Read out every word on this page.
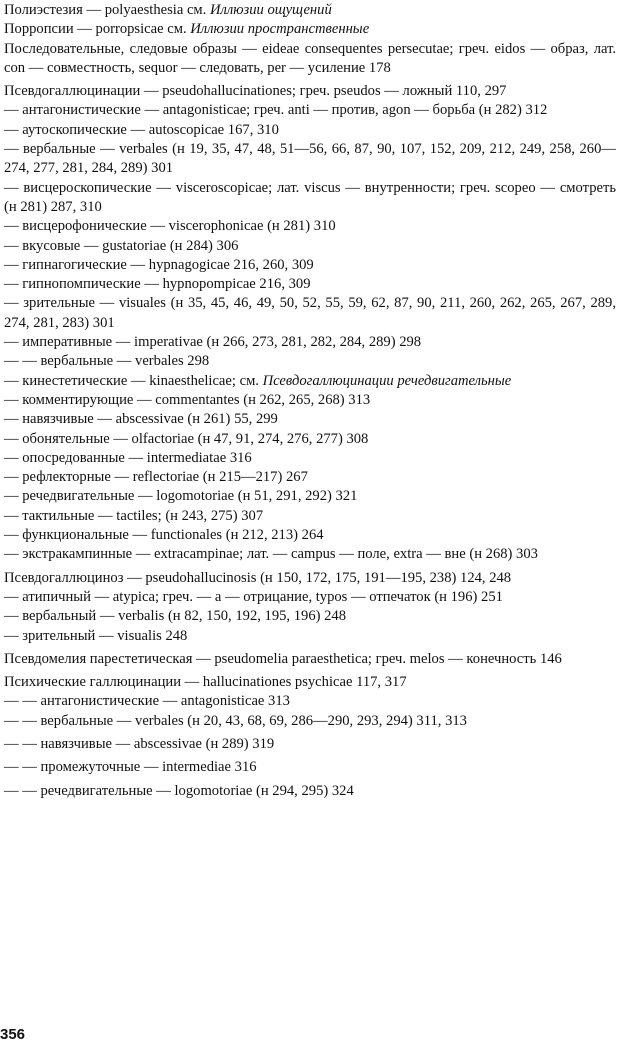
Полиэстезия — polyaesthesia см. Иллюзии ощущений

Порропсии — porropsicae см. Иллюзии пространственные

Последовательные, следовые образы — eideae consequentes persecutae; греч. eidos — образ, лат. con — совместность, sequor — следовать, per — усиление 178

Псевдогаллюцинации — pseudohallucinationes; греч. pseudos — ложный 110, 297

— антагонистические — antagonisticae; греч. anti — против, agon — борьба (н 282) 312

— аутоскопические — autoscopicae 167, 310

— вербальные — verbales (н 19, 35, 47, 48, 51—56, 66, 87, 90, 107, 152, 209, 212, 249, 258, 260—274, 277, 281, 284, 289) 301

— висцероскопические — visceroscopicae; лат. viscus — внутренности; греч. scopeo — смотреть (н 281) 287, 310

— висцерофонические — viscerophonicae (н 281) 310

— вкусовые — gustatoriae (н 284) 306

— гипнагогические — hypnagogicae 216, 260, 309

— гипнопомпические — hypnopompicae 216, 309

— зрительные — visuales (н 35, 45, 46, 49, 50, 52, 55, 59, 62, 87, 90, 211, 260, 262, 265, 267, 289, 274, 281, 283) 301

— императивные — imperativae (н 266, 273, 281, 282, 284, 289) 298

— — вербальные — verbales 298

— кинестетические — kinaesthelicae; см. Псевдогаллюцинации речедвигательные

— комментирующие — commentantes (н 262, 265, 268) 313

— навязчивые — abscessivae (н 261) 55, 299

— обонятельные — olfactoriae (н 47, 91, 274, 276, 277) 308

— опосредованные — intermediatae 316

— рефлекторные — reflectoriae (н 215—217) 267

— речедвигательные — logomotoriae (н 51, 291, 292) 321

— тактильные — tactiles; (н 243, 275) 307

— функциональные — functionales (н 212, 213) 264

— экстракампинные — extracampinae; лат. — campus — поле, extra — вне (н 268) 303

Псевдогаллюциноз — pseudohallucinosis (н 150, 172, 175, 191—195, 238) 124, 248

— атипичный — atypica; греч. — а — отрицание, typos — отпечаток (н 196) 251

— вербальный — verbalis (н 82, 150, 192, 195, 196) 248

— зрительный — visualis 248

Псевдомелия парестетическая — pseudomelia paraesthetica; греч. melos — конечность 146

Психические галлюцинации — hallucinationes psychicae 117, 317

— — антагонистические — antagonisticae 313

— — вербальные — verbales (н 20, 43, 68, 69, 286—290, 293, 294) 311, 313

— — навязчивые — abscessivae (н 289) 319

— — промежуточные — intermediae 316

— — речедвигательные — logomotoriae (н 294, 295) 324

356
